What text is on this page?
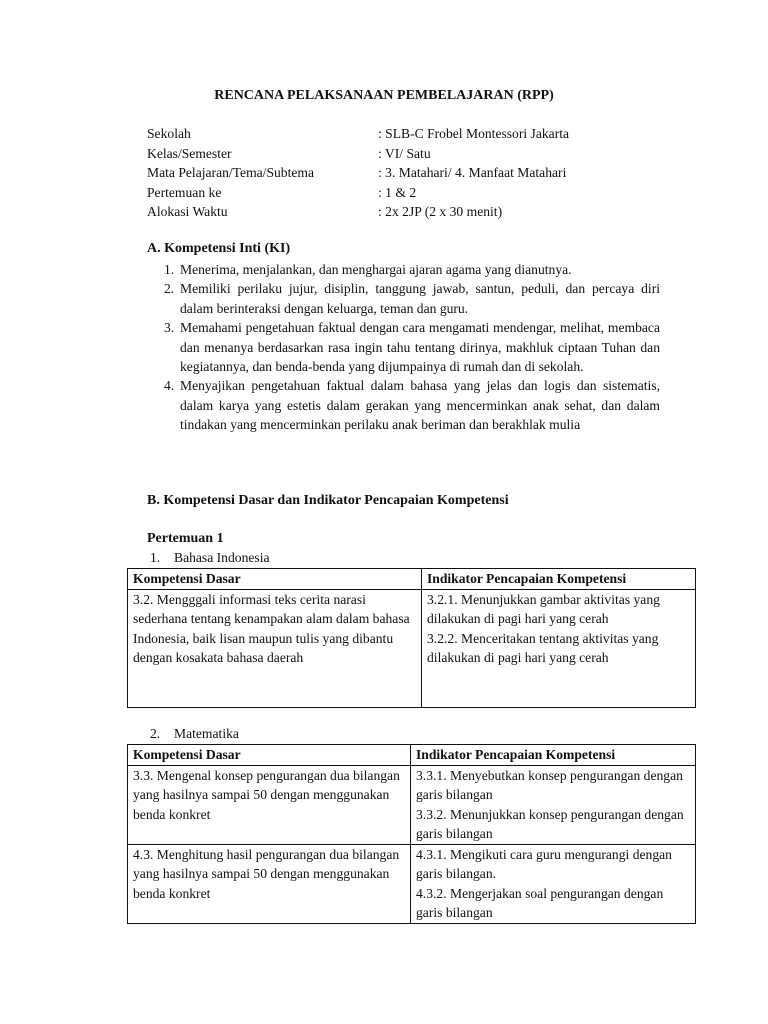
RENCANA PELAKSANAAN PEMBELAJARAN (RPP)
Sekolah	: SLB-C Frobel Montessori Jakarta
Kelas/Semester	: VI/ Satu
Mata Pelajaran/Tema/Subtema	: 3. Matahari/ 4. Manfaat Matahari
Pertemuan ke	: 1 & 2
Alokasi Waktu	: 2x 2JP (2 x 30 menit)
A. Kompetensi Inti (KI)
1. Menerima, menjalankan, dan menghargai ajaran agama yang dianutnya.
2. Memiliki perilaku jujur, disiplin, tanggung jawab, santun, peduli, dan percaya diri dalam berinteraksi dengan keluarga, teman dan guru.
3. Memahami pengetahuan faktual dengan cara mengamati mendengar, melihat, membaca dan menanya berdasarkan rasa ingin tahu tentang dirinya, makhluk ciptaan Tuhan dan kegiatannya, dan benda-benda yang dijumpainya di rumah dan di sekolah.
4. Menyajikan pengetahuan faktual dalam bahasa yang jelas dan logis dan sistematis, dalam karya yang estetis dalam gerakan yang mencerminkan anak sehat, dan dalam tindakan yang mencerminkan perilaku anak beriman dan berakhlak mulia
B. Kompetensi Dasar dan Indikator Pencapaian Kompetensi
Pertemuan 1
1. Bahasa Indonesia
Kompetensi Dasar	Indikator Pencapaian Kompetensi
3.2. Mengggali informasi teks cerita narasi sederhana tentang kenampakan alam dalam bahasa Indonesia, baik lisan maupun tulis yang dibantu dengan kosakata bahasa daerah	3.2.1. Menunjukkan gambar aktivitas yang dilakukan di pagi hari yang cerah
3.2.2. Menceritakan tentang aktivitas yang dilakukan di pagi hari yang cerah
2. Matematika
Kompetensi Dasar	Indikator Pencapaian Kompetensi
3.3. Mengenal konsep pengurangan dua bilangan yang hasilnya sampai 50 dengan menggunakan benda konkret	3.3.1. Menyebutkan konsep pengurangan dengan garis bilangan
3.3.2. Menunjukkan konsep pengurangan dengan garis bilangan

4.3. Menghitung hasil pengurangan dua bilangan yang hasilnya sampai 50 dengan menggunakan benda konkret	4.3.1. Mengikuti cara guru mengurangi dengan garis bilangan.
4.3.2. Mengerjakan soal pengurangan dengan garis bilangan
